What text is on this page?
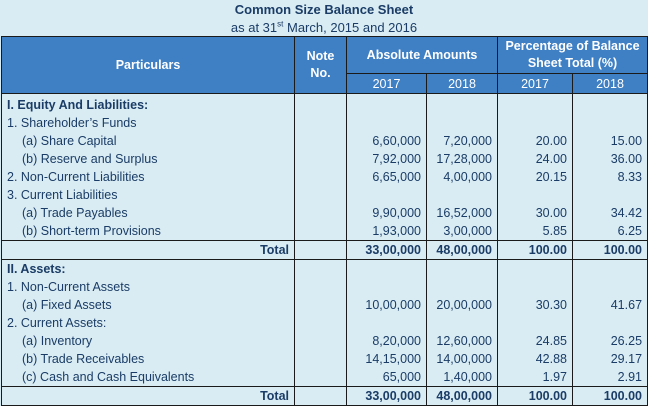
Common Size Balance Sheet
as at 31st March, 2015 and 2016
Particulars	Note No.	Absolute Amounts		Percentage of Balance Sheet Total (%)	
		2017	2018	2017	2018
I. Equity And Liabilities:					
1. Shareholder’s Funds					
(a) Share Capital		6,60,000	7,20,000	20.00	15.00
(b) Reserve and Surplus		7,92,000	17,28,000	24.00	36.00
2. Non-Current Liabilities		6,65,000	4,00,000	20.15	8.33
3. Current Liabilities					
(a) Trade Payables		9,90,000	16,52,000	30.00	34.42
(b) Short-term Provisions		1,93,000	3,00,000	5.85	6.25
Total		33,00,000	48,00,000	100.00	100.00
II. Assets:					
1. Non-Current Assets					
(a) Fixed Assets		10,00,000	20,00,000	30.30	41.67
2. Current Assets:					
(a) Inventory		8,20,000	12,60,000	24.85	26.25
(b) Trade Receivables		14,15,000	14,00,000	42.88	29.17
(c) Cash and Cash Equivalents		65,000	1,40,000	1.97	2.91
Total		33,00,000	48,00,000	100.00	100.00
